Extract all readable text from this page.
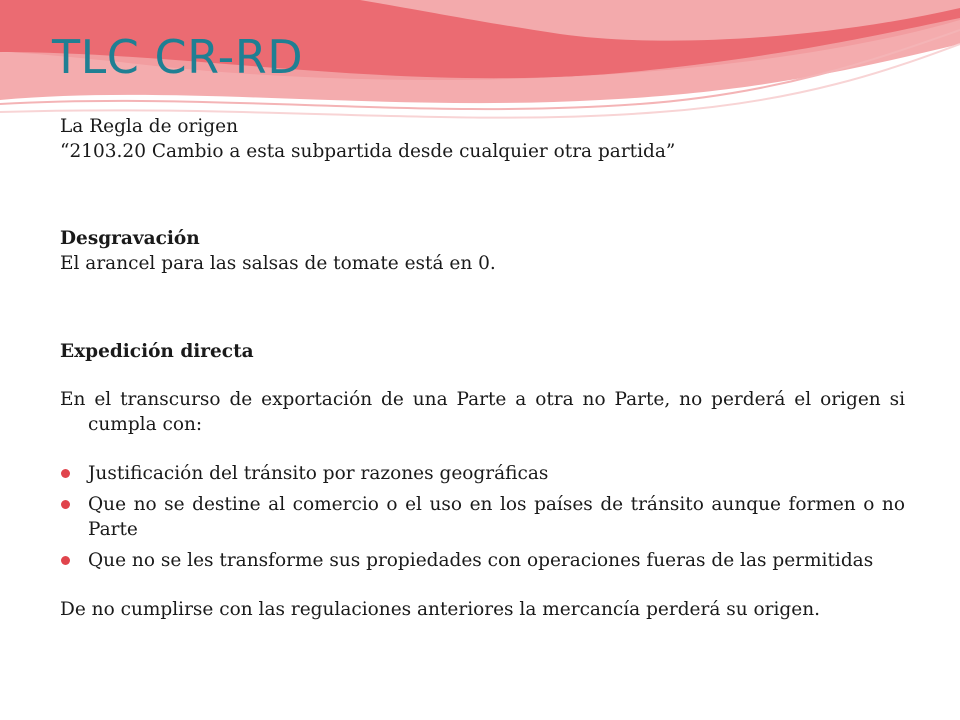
TLC CR-RD

La Regla de origen

“2103.20 Cambio a esta subpartida desde cualquier otra partida”

Desgravación

El arancel para las salsas de tomate está en 0.

Expedición directa

En el transcurso de exportación de una Parte a otra no Parte, no perderá el origen si cumpla con:

Justificación del tránsito por razones geográficas
Que no se destine al comercio o el uso en los países de tránsito aunque formen o no Parte
Que no se les transforme sus propiedades con operaciones fueras de las permitidas

De no cumplirse con las regulaciones anteriores la mercancía perderá su origen.
